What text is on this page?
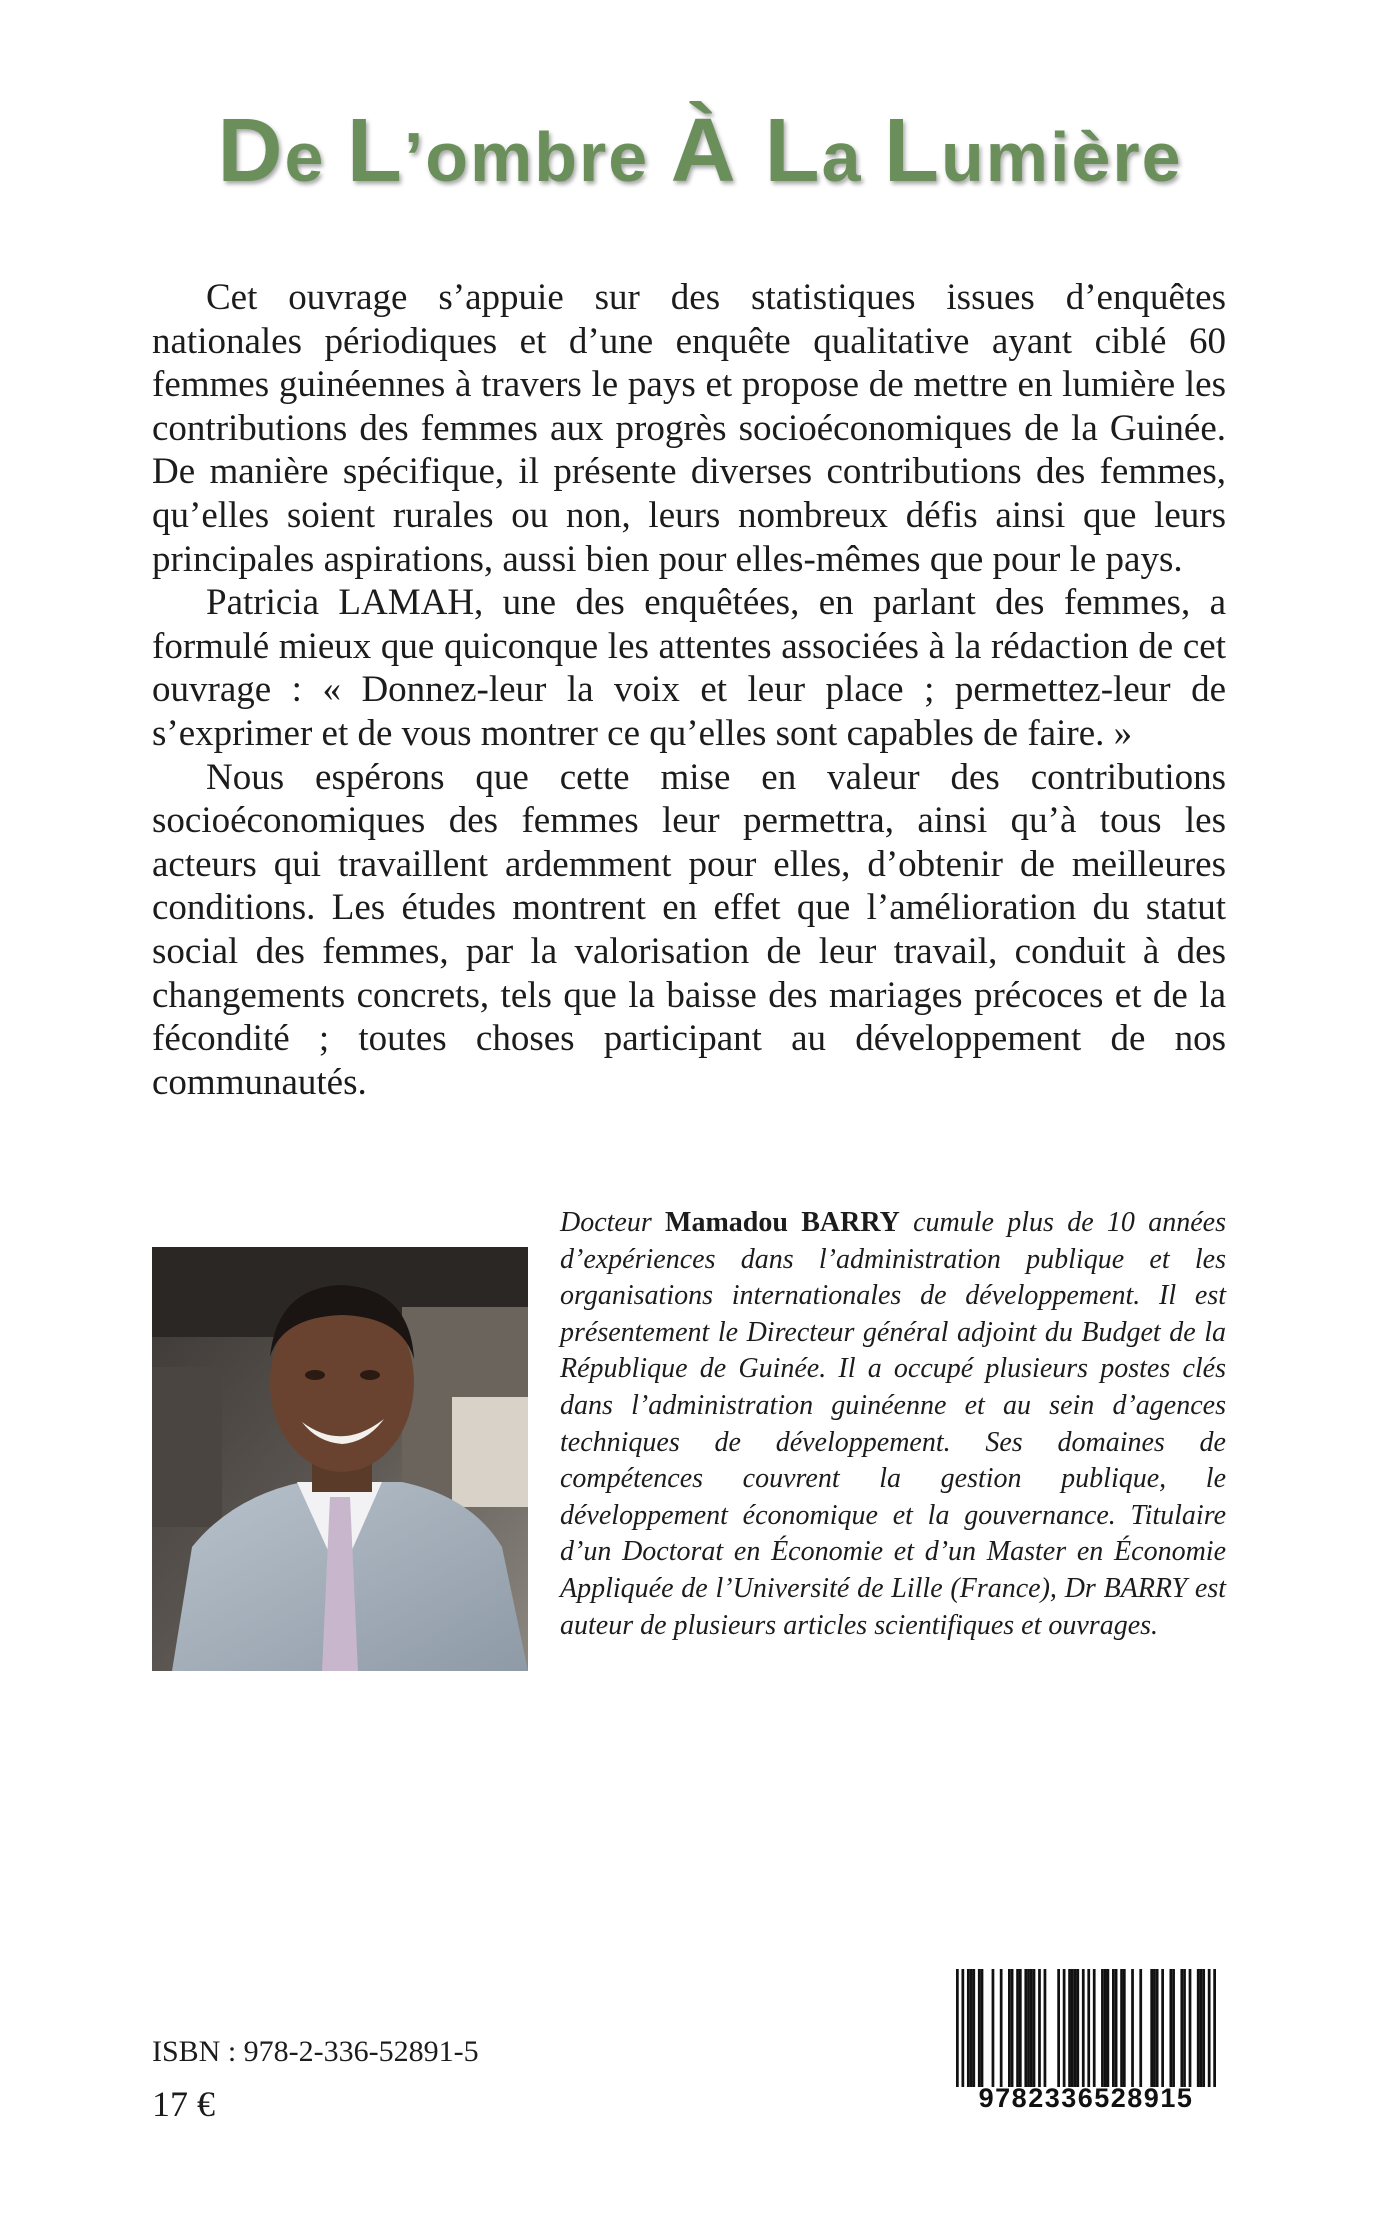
De L’ombre À La Lumière

Cet ouvrage s’appuie sur des statistiques issues d’enquêtes nationales périodiques et d’une enquête qualitative ayant ciblé 60 femmes guinéennes à travers le pays et propose de mettre en lumière les contributions des femmes aux progrès socioéconomiques de la Guinée. De manière spécifique, il présente diverses contributions des femmes, qu’elles soient rurales ou non, leurs nombreux défis ainsi que leurs principales aspirations, aussi bien pour elles-mêmes que pour le pays.

Patricia LAMAH, une des enquêtées, en parlant des femmes, a formulé mieux que quiconque les attentes associées à la rédaction de cet ouvrage : « Donnez-leur la voix et leur place ; permettez-leur de s’exprimer et de vous montrer ce qu’elles sont capables de faire. »

Nous espérons que cette mise en valeur des contributions socioéconomiques des femmes leur permettra, ainsi qu’à tous les acteurs qui travaillent ardemment pour elles, d’obtenir de meilleures conditions. Les études montrent en effet que l’amélioration du statut social des femmes, par la valorisation de leur travail, conduit à des changements concrets, tels que la baisse des mariages précoces et de la fécondité ; toutes choses participant au développement de nos communautés.

Docteur Mamadou BARRY cumule plus de 10 années d’expériences dans l’administration publique et les organisations internationales de développement. Il est présentement le Directeur général adjoint du Budget de la République de Guinée. Il a occupé plusieurs postes clés dans l’administration guinéenne et au sein d’agences techniques de développement. Ses domaines de compétences couvrent la gestion publique, le développement économique et la gouvernance. Titulaire d’un Doctorat en Économie et d’un Master en Économie Appliquée de l’Université de Lille (France), Dr BARRY est auteur de plusieurs articles scientifiques et ouvrages.
ISBN : 978-2-336-52891-5
17 €	9782336528915
